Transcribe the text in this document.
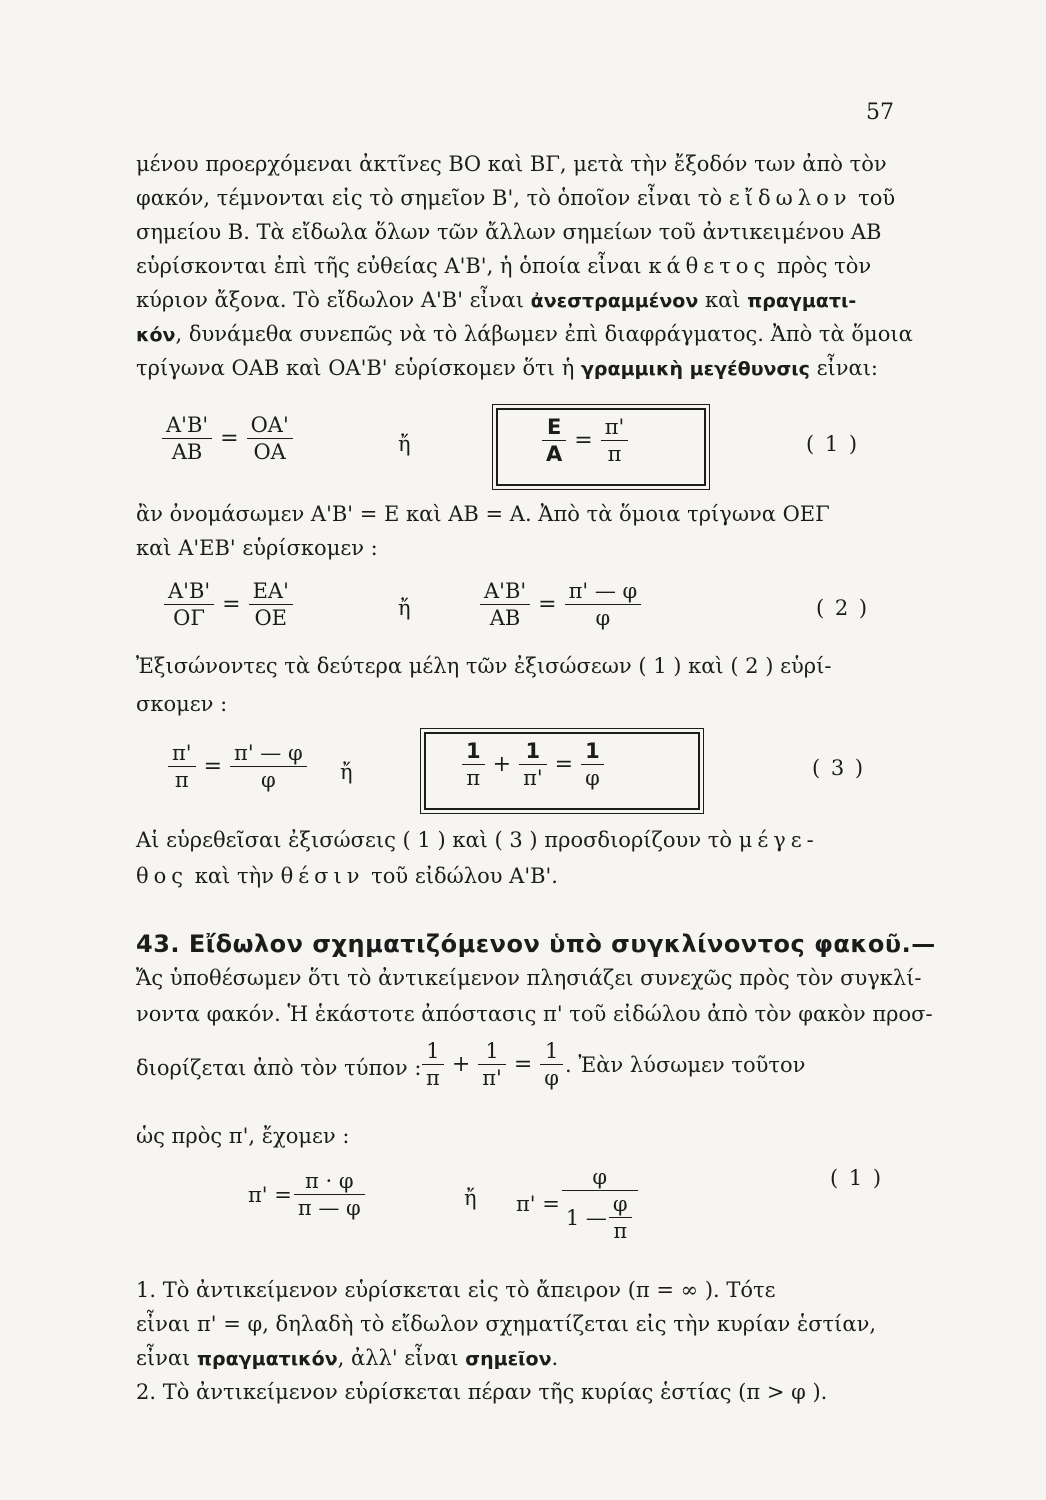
57
μένου προερχόμεναι ἀκτῖνες ΒΟ καὶ ΒΓ, μετὰ τὴν ἔξοδόν των ἀπὸ τὸν
φακόν, τέμνονται εἰς τὸ σημεῖον Β', τὸ ὁποῖον εἶναι τὸ εἴδωλον τοῦ
σημείου Β. Τὰ εἴδωλα ὅλων τῶν ἄλλων σημείων τοῦ ἀντικειμένου ΑΒ
εὑρίσκονται ἐπὶ τῆς εὐθείας Α'Β', ἡ ὁποία εἶναι κάθετος πρὸς τὸν
κύριον ἄξονα. Τὸ εἴδωλον Α'Β' εἶναι ἀνεστραμμένον καὶ πραγματι-
κόν, δυνάμεθα συνεπῶς νὰ τὸ λάβωμεν ἐπὶ διαφράγματος. Ἀπὸ τὰ ὅμοια
τρίγωνα ΟΑΒ καὶ ΟΑ'Β' εὑρίσκομεν ὅτι ἡ γραμμικὴ μεγέθυνσις εἶναι:
$\frac{A'B'}{AB} = \frac{OA'}{OA}$	ἤ	$\frac{E}{A} = \frac{\pi'}{\pi}$	( 1 )
ἂν ὀνομάσωμεν Α'Β' = Ε καὶ ΑΒ = Α. Ἀπὸ τὰ ὅμοια τρίγωνα ΟΕΓ
καὶ Α'ΕΒ' εὑρίσκομεν :
$\frac{A'B'}{O\Gamma} = \frac{EA'}{OE}$	ἤ	$\frac{A'B'}{AB} = \frac{\pi' — \varphi}{\varphi}$	( 2 )
Ἐξισώνοντες τὰ δεύτερα μέλη τῶν ἐξισώσεων ( 1 ) καὶ ( 2 ) εὑρί-
σκομεν :
$\frac{\pi'}{\pi} = \frac{\pi' — \varphi}{\varphi}$ ἤ	$\frac{1}{\pi} + \frac{1}{\pi'} = \frac{1}{\varphi}$	( 3 )
Αἱ εὑρεθεῖσαι ἐξισώσεις ( 1 ) καὶ ( 3 ) προσδιορίζουν τὸ μέγε-
θος καὶ τὴν θέσιν τοῦ εἰδώλου Α'Β'.
43. Εἴδωλον σχηματιζόμενον ὑπὸ συγκλίνοντος φακοῦ.—
Ἄς ὑποθέσωμεν ὅτι τὸ ἀντικείμενον πλησιάζει συνεχῶς πρὸς τὸν συγκλί-
νοντα φακόν. Ἡ ἑκάστοτε ἀπόστασις π' τοῦ εἰδώλου ἀπὸ τὸν φακὸν προσ-
διορίζεται ἀπὸ τὸν τύπον : $\frac{1}{\pi} + \frac{1}{\pi'} = \frac{1}{\varphi}$ . Ἐὰν λύσωμεν τοῦτον
ὡς πρὸς π', ἔχομεν :
$\pi' = \frac{\pi \cdot \varphi}{\pi — \varphi}$	ἤ $\pi' = \frac{\varphi}{1 — \frac{\varphi}{\pi}}$	( 1 )
1. Τὸ ἀντικείμενον εὑρίσκεται εἰς τὸ ἄπειρον (π = ∞ ). Τότε
εἶναι π' = φ, δηλαδὴ τὸ εἴδωλον σχηματίζεται εἰς τὴν κυρίαν ἑστίαν,
εἶναι πραγματικόν, ἀλλ' εἶναι σημεῖον.
2. Τὸ ἀντικείμενον εὑρίσκεται πέραν τῆς κυρίας ἑστίας (π > φ ).
